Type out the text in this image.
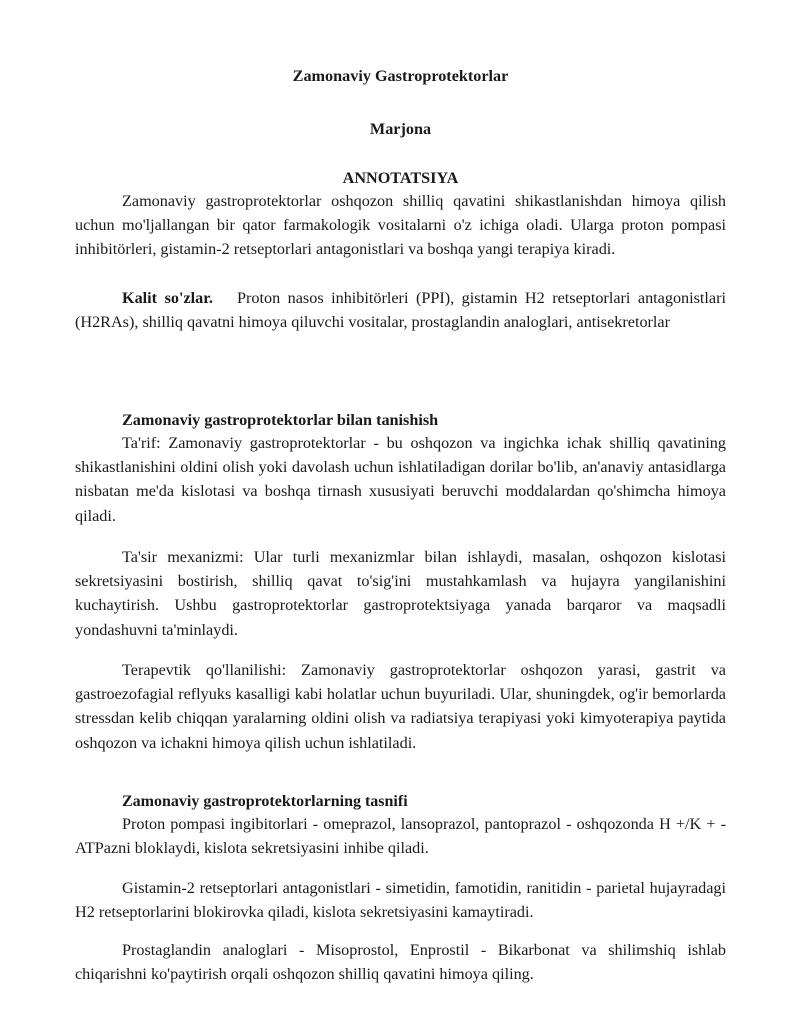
Zamonaviy Gastroprotektorlar
Marjona
ANNOTATSIYA

Zamonaviy gastroprotektorlar oshqozon shilliq qavatini shikastlanishdan himoya qilish uchun mo'ljallangan bir qator farmakologik vositalarni o'z ichiga oladi. Ularga proton pompasi inhibitörleri, gistamin-2 retseptorlari antagonistlari va boshqa yangi terapiya kiradi.

Kalit so'zlar. Proton nasos inhibitörleri (PPI), gistamin H2 retseptorlari antagonistlari (H2RAs), shilliq qavatni himoya qiluvchi vositalar, prostaglandin analoglari, antisekretorlar

Zamonaviy gastroprotektorlar bilan tanishish

Ta'rif: Zamonaviy gastroprotektorlar - bu oshqozon va ingichka ichak shilliq qavatining shikastlanishini oldini olish yoki davolash uchun ishlatiladigan dorilar bo'lib, an'anaviy antasidlarga nisbatan me'da kislotasi va boshqa tirnash xususiyati beruvchi moddalardan qo'shimcha himoya qiladi.

Ta'sir mexanizmi: Ular turli mexanizmlar bilan ishlaydi, masalan, oshqozon kislotasi sekretsiyasini bostirish, shilliq qavat to'sig'ini mustahkamlash va hujayra yangilanishini kuchaytirish. Ushbu gastroprotektorlar gastroprotektsiyaga yanada barqaror va maqsadli yondashuvni ta'minlaydi.

Terapevtik qo'llanilishi: Zamonaviy gastroprotektorlar oshqozon yarasi, gastrit va gastroezofagial reflyuks kasalligi kabi holatlar uchun buyuriladi. Ular, shuningdek, og'ir bemorlarda stressdan kelib chiqqan yaralarning oldini olish va radiatsiya terapiyasi yoki kimyoterapiya paytida oshqozon va ichakni himoya qilish uchun ishlatiladi.

Zamonaviy gastroprotektorlarning tasnifi

Proton pompasi ingibitorlari - omeprazol, lansoprazol, pantoprazol - oshqozonda H +/K + - ATPazni bloklaydi, kislota sekretsiyasini inhibe qiladi.

Gistamin-2 retseptorlari antagonistlari - simetidin, famotidin, ranitidin - parietal hujayradagi H2 retseptorlarini blokirovka qiladi, kislota sekretsiyasini kamaytiradi.

Prostaglandin analoglari - Misoprostol, Enprostil - Bikarbonat va shilimshiq ishlab chiqarishni ko'paytirish orqali oshqozon shilliq qavatini himoya qiling.
